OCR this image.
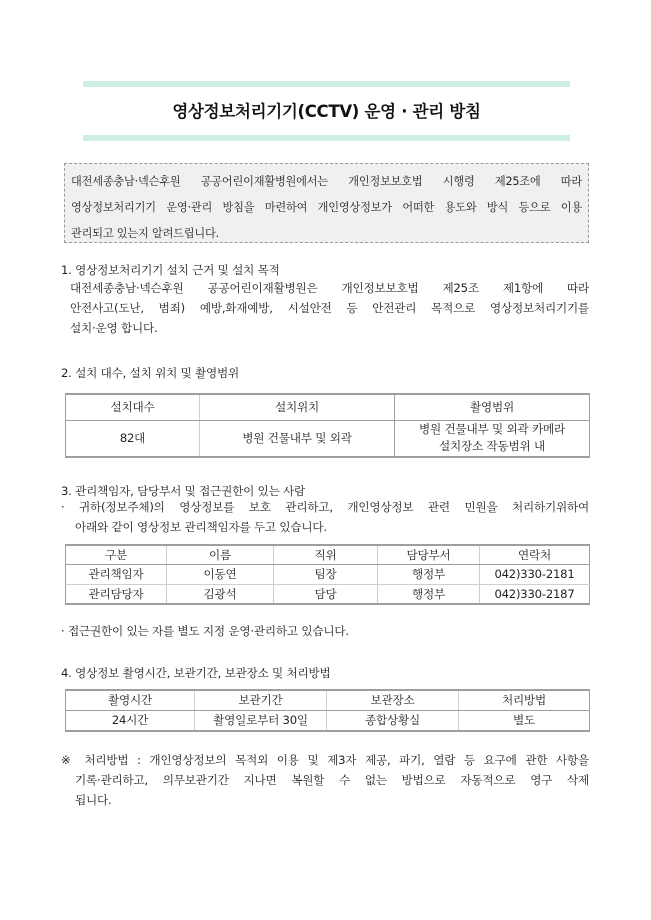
영상정보처리기기(CCTV) 운영 · 관리 방침
대전세종충남·넥슨후원 공공어린이재활병원에서는 개인정보보호법 시행령 제25조에 따라
영상정보처리기기 운영·관리 방침을 마련하여 개인영상정보가 어떠한 용도와 방식 등으로 이용
관리되고 있는지 알려드립니다.
1. 영상정보처리기기 설치 근거 및 설치 목적
대전세종충남·넥슨후원 공공어린이재활병원은 개인정보보호법 제25조 제1항에 따라
안전사고(도난, 범죄) 예방,화재예방, 시설안전 등 안전관리 목적으로 영상정보처리기기를
설치·운영 합니다.
2. 설치 대수, 설치 위치 및 촬영범위
설치대수	설치위치	촬영범위
82대	병원 건물내부 및 외곽	병원 건물내부 및 외곽 카메라
설치장소 작동범위 내
3. 관리책임자, 담당부서 및 접근권한이 있는 사람
· 귀하(정보주체)의 영상정보를 보호 관리하고, 개인영상정보 관련 민원을 처리하기위하여
아래와 같이 영상정보 관리책임자를 두고 있습니다.
구분	이름	직위	담당부서	연락처
관리책임자	이동연	팀장	행정부	042)330-2181
관리담당자	김광석	담당	행정부	042)330-2187
· 접근권한이 있는 자를 별도 지정 운영·관리하고 있습니다.
4. 영상정보 촬영시간, 보관기간, 보관장소 및 처리방법
촬영시간	보관기간	보관장소	처리방법
24시간	촬영일로부터 30일	종합상황실	별도
※ 처리방법 : 개인영상정보의 목적외 이용 및 제3자 제공, 파기, 열람 등 요구에 관한 사항을
기록·관리하고, 의무보관기간 지나면 복원할 수 없는 방법으로 자동적으로 영구 삭제
됩니다.
